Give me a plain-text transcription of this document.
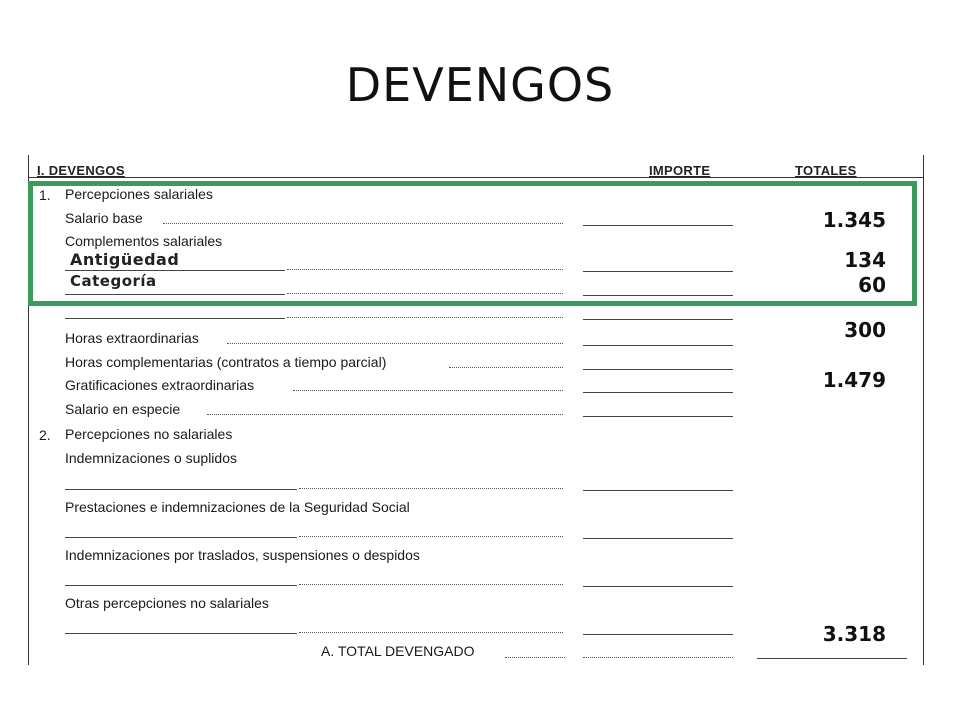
DEVENGOS
I. DEVENGOS	IMPORTE	TOTALES
1. Percepciones salariales
Salario base
Complementos salariales
Horas extraordinarias
Horas complementarias (contratos a tiempo parcial)
Gratificaciones extraordinarias
Salario en especie
2. Percepciones no salariales
Indemnizaciones o suplidos
Prestaciones e indemnizaciones de la Seguridad Social
Indemnizaciones por traslados, suspensiones o despidos
Otras percepciones no salariales
A. TOTAL DEVENGADO
Antigüedad
Categoría
1.345
134
60
300
1.479
3.318
